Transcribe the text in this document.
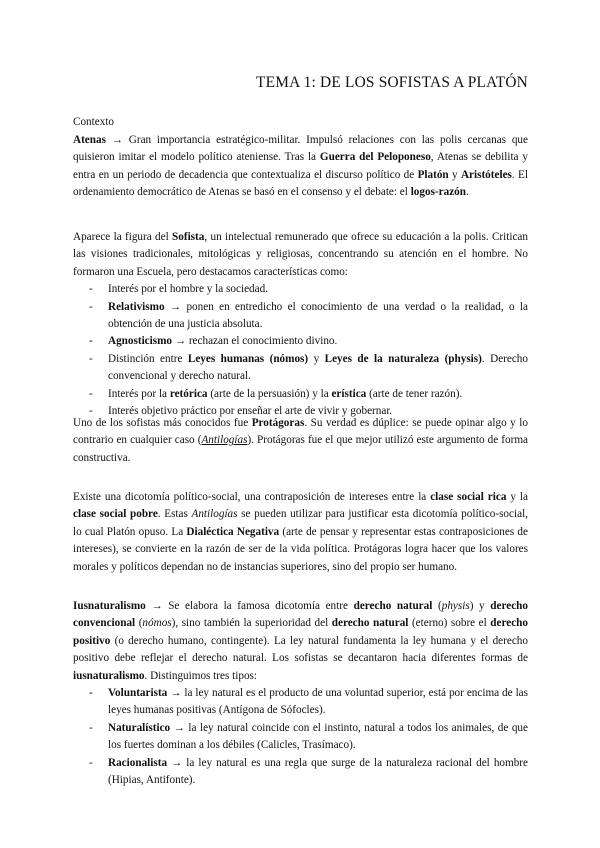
TEMA 1: DE LOS SOFISTAS A PLATÓN
Contexto

Atenas → Gran importancia estratégico-militar. Impulsó relaciones con las polis cercanas que quisieron imitar el modelo político ateniense. Tras la Guerra del Peloponeso, Atenas se debilita y entra en un periodo de decadencia que contextualiza el discurso político de Platón y Aristóteles. El ordenamiento democrático de Atenas se basó en el consenso y el debate: el logos-razón.

Aparece la figura del Sofista, un intelectual remunerado que ofrece su educación a la polis. Critican las visiones tradicionales, mitológicas y religiosas, concentrando su atención en el hombre. No formaron una Escuela, pero destacamos características como:

- Interés por el hombre y la sociedad.
- Relativismo → ponen en entredicho el conocimiento de una verdad o la realidad, o la obtención de una justicia absoluta.
- Agnosticismo → rechazan el conocimiento divino.
- Distinción entre Leyes humanas (nómos) y Leyes de la naturaleza (physis). Derecho convencional y derecho natural.
- Interés por la retórica (arte de la persuasión) y la erística (arte de tener razón).
- Interés objetivo práctico por enseñar el arte de vivir y gobernar.

Uno de los sofistas más conocidos fue Protágoras. Su verdad es dúplice: se puede opinar algo y lo contrario en cualquier caso (Antilogías). Protágoras fue el que mejor utilizó este argumento de forma constructiva.

Existe una dicotomía político-social, una contraposición de intereses entre la clase social rica y la clase social pobre. Estas Antilogías se pueden utilizar para justificar esta dicotomía político-social, lo cual Platón opuso. La Dialéctica Negativa (arte de pensar y representar estas contraposiciones de intereses), se convierte en la razón de ser de la vida política. Protágoras logra hacer que los valores morales y políticos dependan no de instancias superiores, sino del propio ser humano.

Iusnaturalismo → Se elabora la famosa dicotomía entre derecho natural (physis) y derecho convencional (nómos), sino también la superioridad del derecho natural (eterno) sobre el derecho positivo (o derecho humano, contingente). La ley natural fundamenta la ley humana y el derecho positivo debe reflejar el derecho natural. Los sofistas se decantaron hacia diferentes formas de iusnaturalismo. Distinguimos tres tipos:

- Voluntarista → la ley natural es el producto de una voluntad superior, está por encima de las leyes humanas positivas (Antígona de Sófocles).
- Naturalístico → la ley natural coincide con el instinto, natural a todos los animales, de que los fuertes dominan a los débiles (Calicles, Trasímaco).
- Racionalista → la ley natural es una regla que surge de la naturaleza racional del hombre (Hipias, Antifonte).
